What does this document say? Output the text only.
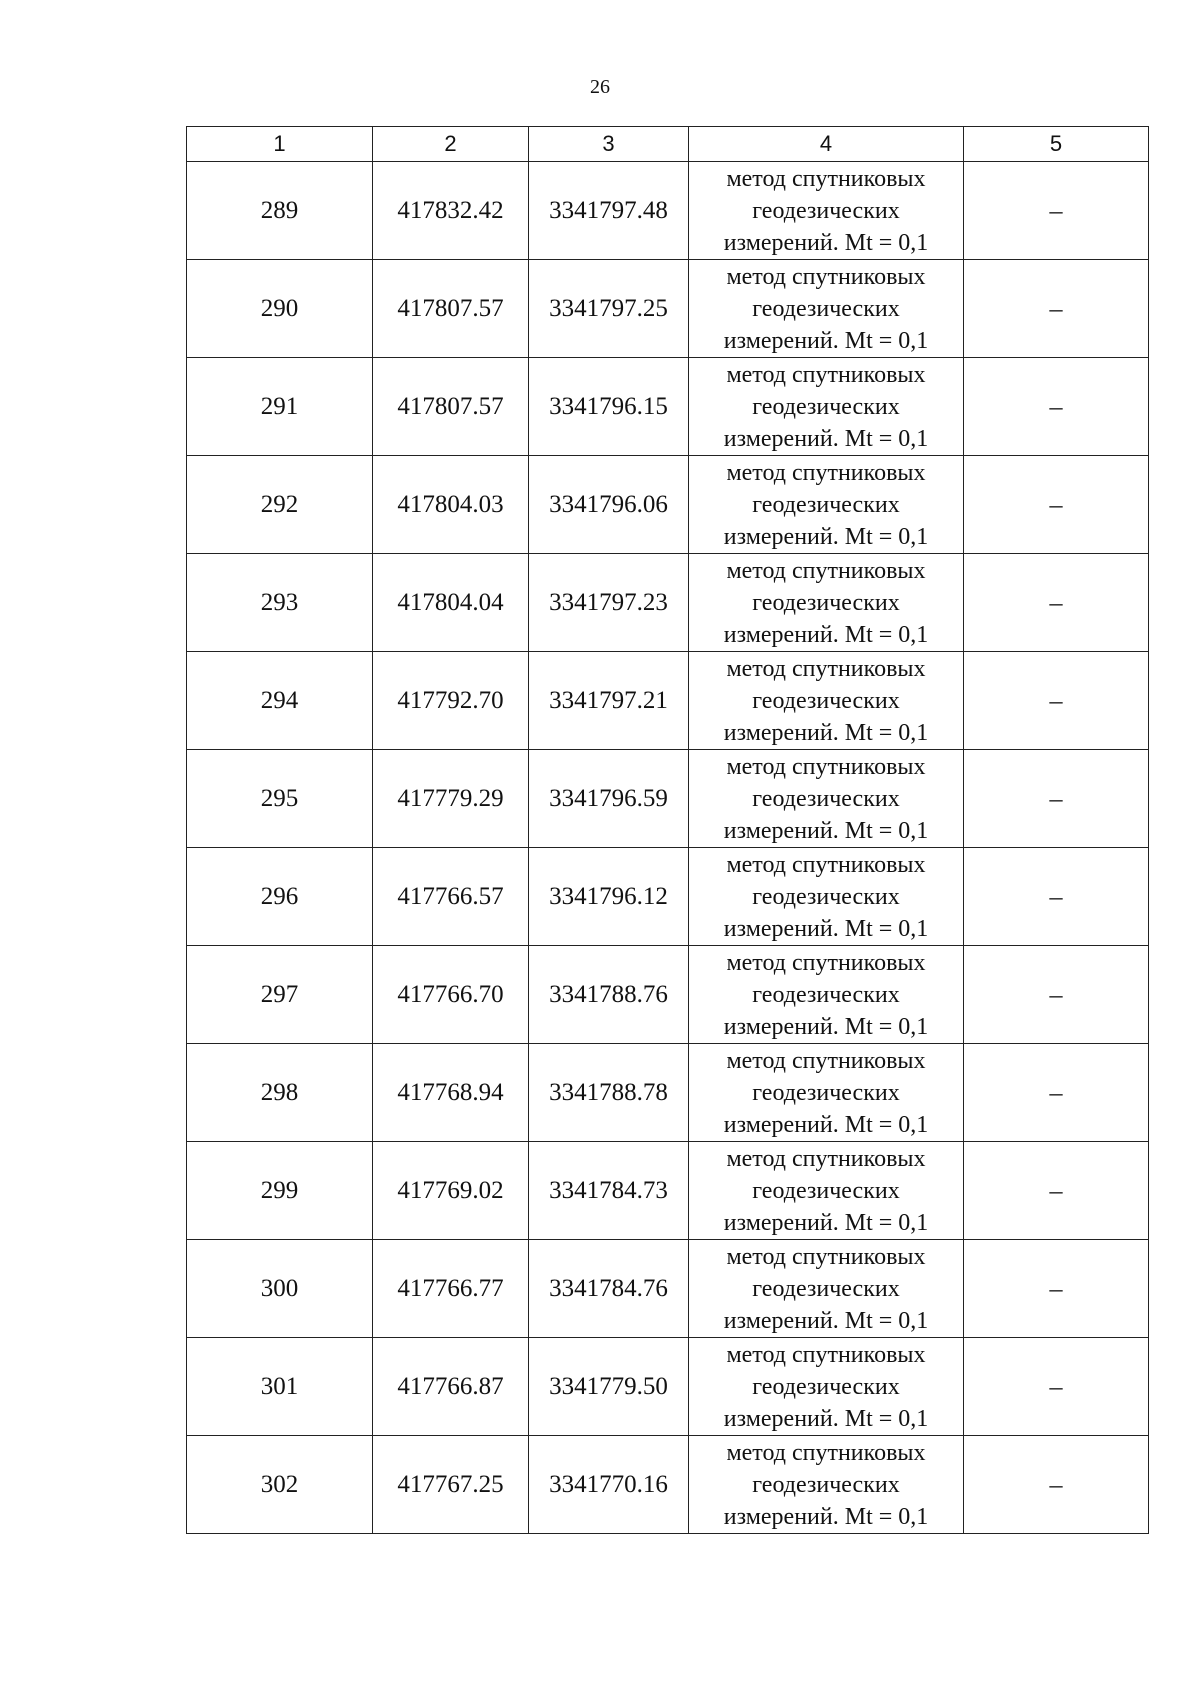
26
1	2	3	4	5
289	417832.42	3341797.48	метод спутниковых
геодезических
измерений. Mt = 0,1	–
290	417807.57	3341797.25	метод спутниковых
геодезических
измерений. Mt = 0,1	–
291	417807.57	3341796.15	метод спутниковых
геодезических
измерений. Mt = 0,1	–
292	417804.03	3341796.06	метод спутниковых
геодезических
измерений. Mt = 0,1	–
293	417804.04	3341797.23	метод спутниковых
геодезических
измерений. Mt = 0,1	–
294	417792.70	3341797.21	метод спутниковых
геодезических
измерений. Mt = 0,1	–
295	417779.29	3341796.59	метод спутниковых
геодезических
измерений. Mt = 0,1	–
296	417766.57	3341796.12	метод спутниковых
геодезических
измерений. Mt = 0,1	–
297	417766.70	3341788.76	метод спутниковых
геодезических
измерений. Mt = 0,1	–
298	417768.94	3341788.78	метод спутниковых
геодезических
измерений. Mt = 0,1	–
299	417769.02	3341784.73	метод спутниковых
геодезических
измерений. Mt = 0,1	–
300	417766.77	3341784.76	метод спутниковых
геодезических
измерений. Mt = 0,1	–
301	417766.87	3341779.50	метод спутниковых
геодезических
измерений. Mt = 0,1	–
302	417767.25	3341770.16	метод спутниковых
геодезических
измерений. Mt = 0,1	–
